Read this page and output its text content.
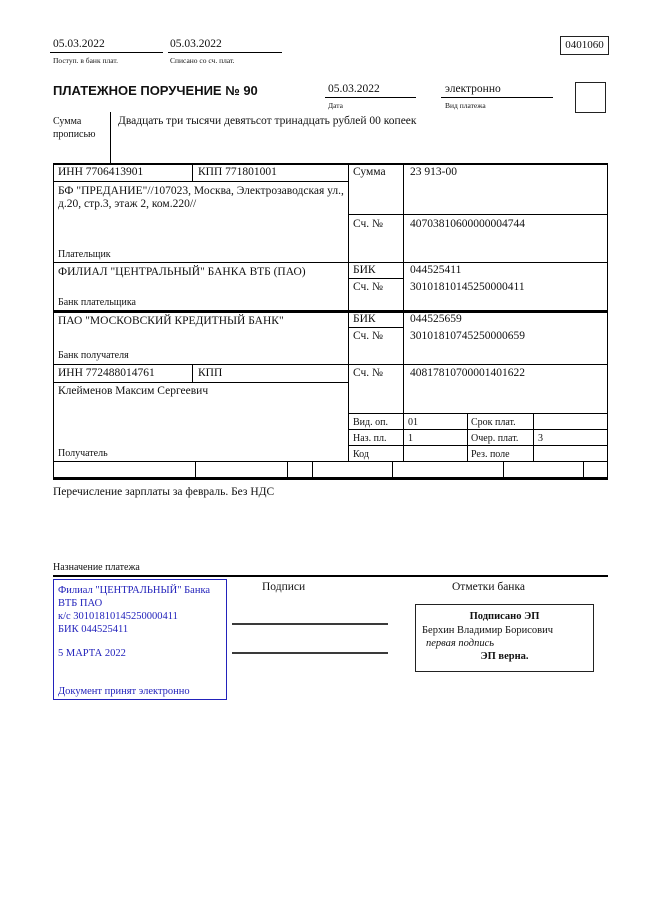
05.03.2022
Поступ. в банк плат.
05.03.2022
Списано со сч. плат.
0401060
ПЛАТЕЖНОЕ ПОРУЧЕНИЕ № 90	05.03.2022
Дата
электронно
Вид платежа
Сумма
прописью
Двадцать три тысячи девятьсот тринадцать рублей 00 копеек
ИНН 7706413901	КПП 771801001
БФ "ПРЕДАНИЕ"//107023, Москва, Электрозаводская ул., д.20, стр.3, этаж 2, ком.220//
Плательщик
ФИЛИАЛ "ЦЕНТРАЛЬНЫЙ" БАНКА ВТБ (ПАО)
Банк плательщика
ПАО "МОСКОВСКИЙ КРЕДИТНЫЙ БАНК"
Банк получателя
ИНН 772488014761	КПП
Клейменов Максим Сергеевич
Получатель
Сумма 23 913-00
Сч. № 40703810600000004744
БИК	044525411
Сч. № 30101810145250000411
БИК	044525659
Сч. № 30101810745250000659
Сч. № 40817810700001401622
Вид. оп. 01	Срок плат.
Наз. пл. 1	Очер. плат. 3
Код	Рез. поле
Перечисление зарплаты за февраль. Без НДС
Назначение платежа
Филиал "ЦЕНТРАЛЬНЫЙ" Банка
ВТБ ПАО
к/с 30101810145250000411
БИК 044525411
5 МАРТА 2022
Документ принят электронно
Подписи	Отметки банка
Подписано ЭП
Берхин Владимир Борисович
первая подпись
ЭП верна.
